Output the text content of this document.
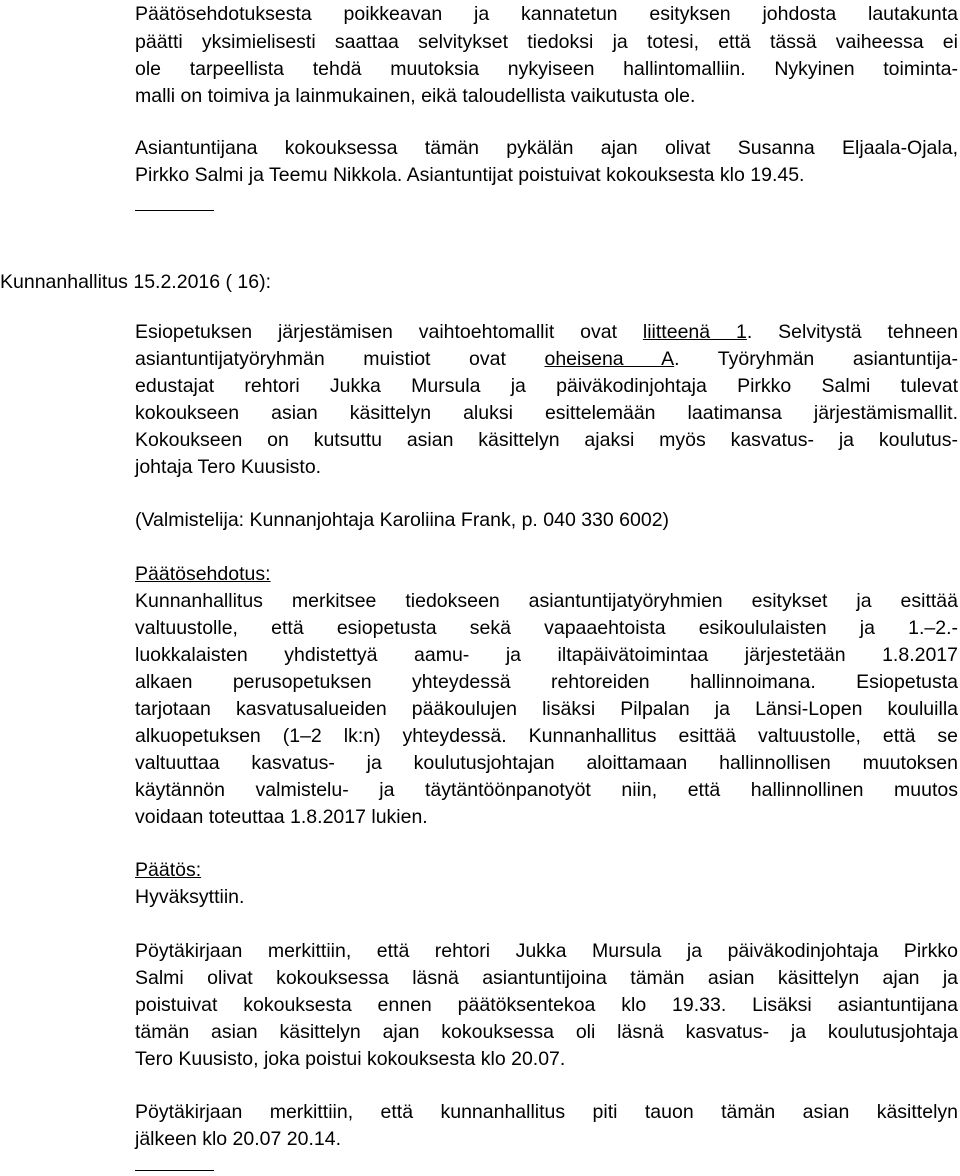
Päätösehdotuksesta poikkeavan ja kannatetun esityksen johdosta lautakunta
päätti yksimielisesti saattaa selvitykset tiedoksi ja totesi, että tässä vaiheessa ei
ole tarpeellista tehdä muutoksia nykyiseen hallintomalliin. Nykyinen toiminta-
malli on toimiva ja lainmukainen, eikä taloudellista vaikutusta ole.
Asiantuntijana kokouksessa tämän pykälän ajan olivat Susanna Eljaala-Ojala,
Pirkko Salmi ja Teemu Nikkola. Asiantuntijat poistuivat kokouksesta klo 19.45.
Kunnanhallitus 15.2.2016 ( 16):
Esiopetuksen järjestämisen vaihtoehtomallit ovat liitteenä 1. Selvitystä tehneen
asiantuntijatyöryhmän muistiot ovat oheisena A. Työryhmän asiantuntija-
edustajat rehtori Jukka Mursula ja päiväkodinjohtaja Pirkko Salmi tulevat
kokoukseen asian käsittelyn aluksi esittelemään laatimansa järjestämismallit.
Kokoukseen on kutsuttu asian käsittelyn ajaksi myös kasvatus- ja koulutus-
johtaja Tero Kuusisto.
(Valmistelija: Kunnanjohtaja Karoliina Frank, p. 040 330 6002)
Päätösehdotus:
Kunnanhallitus merkitsee tiedokseen asiantuntijatyöryhmien esitykset ja esittää
valtuustolle, että esiopetusta sekä vapaaehtoista esikoululaisten ja 1.–2.-
luokkalaisten yhdistettyä aamu- ja iltapäivätoimintaa järjestetään 1.8.2017
alkaen perusopetuksen yhteydessä rehtoreiden hallinnoimana. Esiopetusta
tarjotaan kasvatusalueiden pääkoulujen lisäksi Pilpalan ja Länsi-Lopen kouluilla
alkuopetuksen (1–2 lk:n) yhteydessä. Kunnanhallitus esittää valtuustolle, että se
valtuuttaa kasvatus- ja koulutusjohtajan aloittamaan hallinnollisen muutoksen
käytännön valmistelu- ja täytäntöönpanotyöt niin, että hallinnollinen muutos
voidaan toteuttaa 1.8.2017 lukien.
Päätös:
Hyväksyttiin.
Pöytäkirjaan merkittiin, että rehtori Jukka Mursula ja päiväkodinjohtaja Pirkko
Salmi olivat kokouksessa läsnä asiantuntijoina tämän asian käsittelyn ajan ja
poistuivat kokouksesta ennen päätöksentekoa klo 19.33. Lisäksi asiantuntijana
tämän asian käsittelyn ajan kokouksessa oli läsnä kasvatus- ja koulutusjohtaja
Tero Kuusisto, joka poistui kokouksesta klo 20.07.
Pöytäkirjaan merkittiin, että kunnanhallitus piti tauon tämän asian käsittelyn
jälkeen klo 20.07 20.14.
